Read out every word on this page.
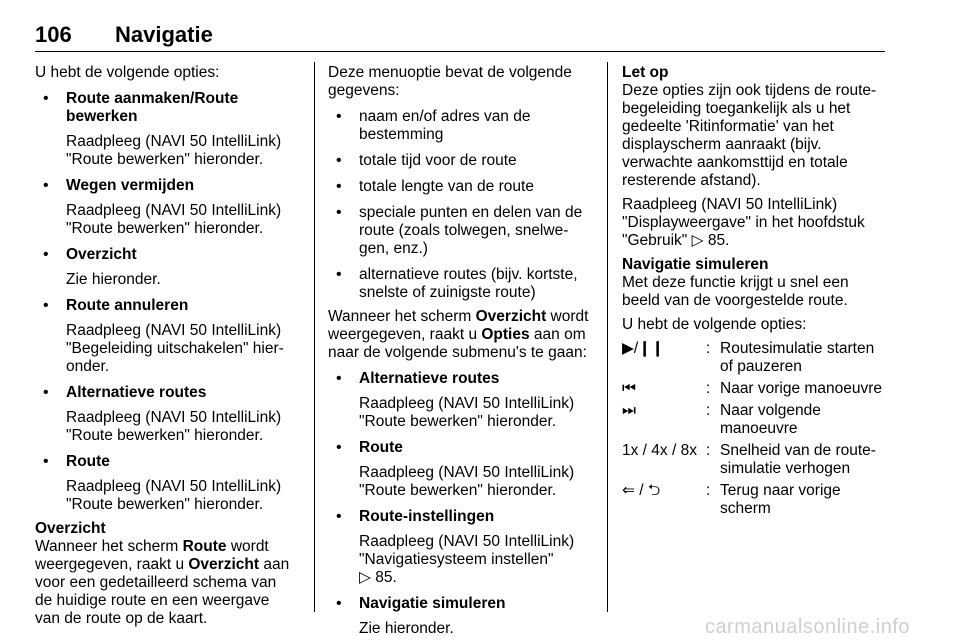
106 Navigatie

U hebt de volgende opties:

• Route aanmaken/Route bewerken

Raadpleeg (NAVI 50 IntelliLink) "Route bewerken" hieronder.

• Wegen vermijden

Raadpleeg (NAVI 50 IntelliLink) "Route bewerken" hieronder.

• Overzicht

Zie hieronder.

• Route annuleren

Raadpleeg (NAVI 50 IntelliLink) "Begeleiding uitschakelen" hier-onder.

• Alternatieve routes

Raadpleeg (NAVI 50 IntelliLink) "Route bewerken" hieronder.

• Route

Raadpleeg (NAVI 50 IntelliLink) "Route bewerken" hieronder.

Overzicht

Wanneer het scherm Route wordt weergegeven, raakt u Overzicht aan voor een gedetailleerd schema van de huidige route en een weergave van de route op de kaart.

Deze menuoptie bevat de volgende gegevens:

• naam en/of adres van de bestemming

• totale tijd voor de route

• totale lengte van de route

• speciale punten en delen van de route (zoals tolwegen, snelwe-gen, enz.)

• alternatieve routes (bijv. kortste, snelste of zuinigste route)

Wanneer het scherm Overzicht wordt weergegeven, raakt u Opties aan om naar de volgende submenu's te gaan:

• Alternatieve routes

Raadpleeg (NAVI 50 IntelliLink) "Route bewerken" hieronder.

• Route

Raadpleeg (NAVI 50 IntelliLink) "Route bewerken" hieronder.

• Route-instellingen

Raadpleeg (NAVI 50 IntelliLink) "Navigatiesysteem instellen"

▷ 85.

• Navigatie simuleren

Zie hieronder.

Let op

Deze opties zijn ook tijdens de route-begeleiding toegankelijk als u het gedeelte 'Ritinformatie' van het displayscherm aanraakt (bijv. verwachte aankomsttijd en totale resterende afstand).

Raadpleeg (NAVI 50 IntelliLink) "Displayweergave" in het hoofdstuk "Gebruik" ▷ 85.

Navigatie simuleren

Met deze functie krijgt u snel een beeld van de voorgestelde route.

U hebt de volgende opties:

▶/❙❙	: Routesimulatie starten of pauzeren
⏮	: Naar vorige manoeuvre
⏭	: Naar volgende manoeuvre
1x / 4x / 8x : Snelheid van de route-simulatie verhogen
⇐ / ⮌	: Terug naar vorige scherm
carmanualsonline.info
